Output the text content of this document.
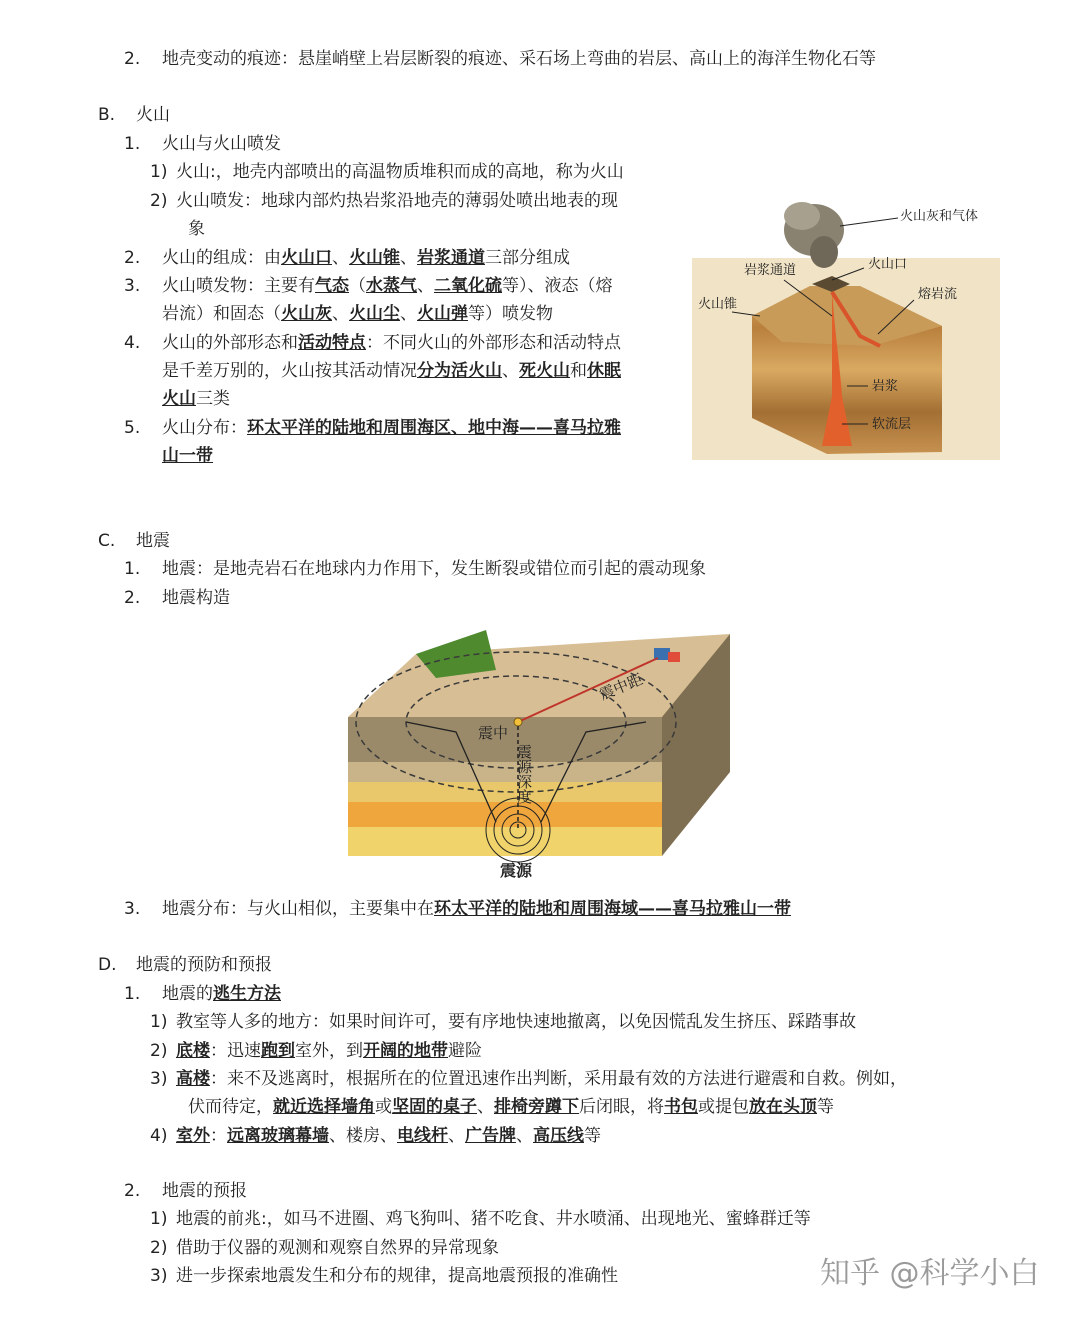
2. 地壳变动的痕迹：悬崖峭壁上岩层断裂的痕迹、采石场上弯曲的岩层、高山上的海洋生物化石等
B. 火山
1. 火山与火山喷发
1) 火山:，地壳内部喷出的高温物质堆积而成的高地，称为火山
2) 火山喷发：地球内部灼热岩浆沿地壳的薄弱处喷出地表的现
象
2. 火山的组成：由火山口、火山锥、岩浆通道三部分组成
3. 火山喷发物：主要有气态（水蒸气、二氧化硫等）、液态（熔
岩流）和固态（火山灰、火山尘、火山弹等）喷发物
4. 火山的外部形态和活动特点：不同火山的外部形态和活动特点
是千差万别的，火山按其活动情况分为活火山、死火山和休眠
火山三类
5. 火山分布：环太平洋的陆地和周围海区、地中海——喜马拉雅
山一带
火山灰和气体
火山口
岩浆通道
熔岩流
火山锥
岩浆
软流层
C. 地震
1. 地震：是地壳岩石在地球内力作用下，发生断裂或错位而引起的震动现象
2. 地震构造
震中
震中距
震源深度
震源
3. 地震分布：与火山相似，主要集中在环太平洋的陆地和周围海域——喜马拉雅山一带
D. 地震的预防和预报
1. 地震的逃生方法
1) 教室等人多的地方：如果时间许可，要有序地快速地撤离，以免因慌乱发生挤压、踩踏事故
2) 底楼：迅速跑到室外，到开阔的地带避险
3) 高楼：来不及逃离时，根据所在的位置迅速作出判断，采用最有效的方法进行避震和自救。例如，
伏而待定，就近选择墙角或坚固的桌子、排椅旁蹲下后闭眼，将书包或提包放在头顶等
4) 室外：远离玻璃幕墙、楼房、电线杆、广告牌、高压线等
2. 地震的预报
1) 地震的前兆:，如马不进圈、鸡飞狗叫、猪不吃食、井水喷涌、出现地光、蜜蜂群迁等
2) 借助于仪器的观测和观察自然界的异常现象
3) 进一步探索地震发生和分布的规律，提高地震预报的准确性	知乎 @科学小白
